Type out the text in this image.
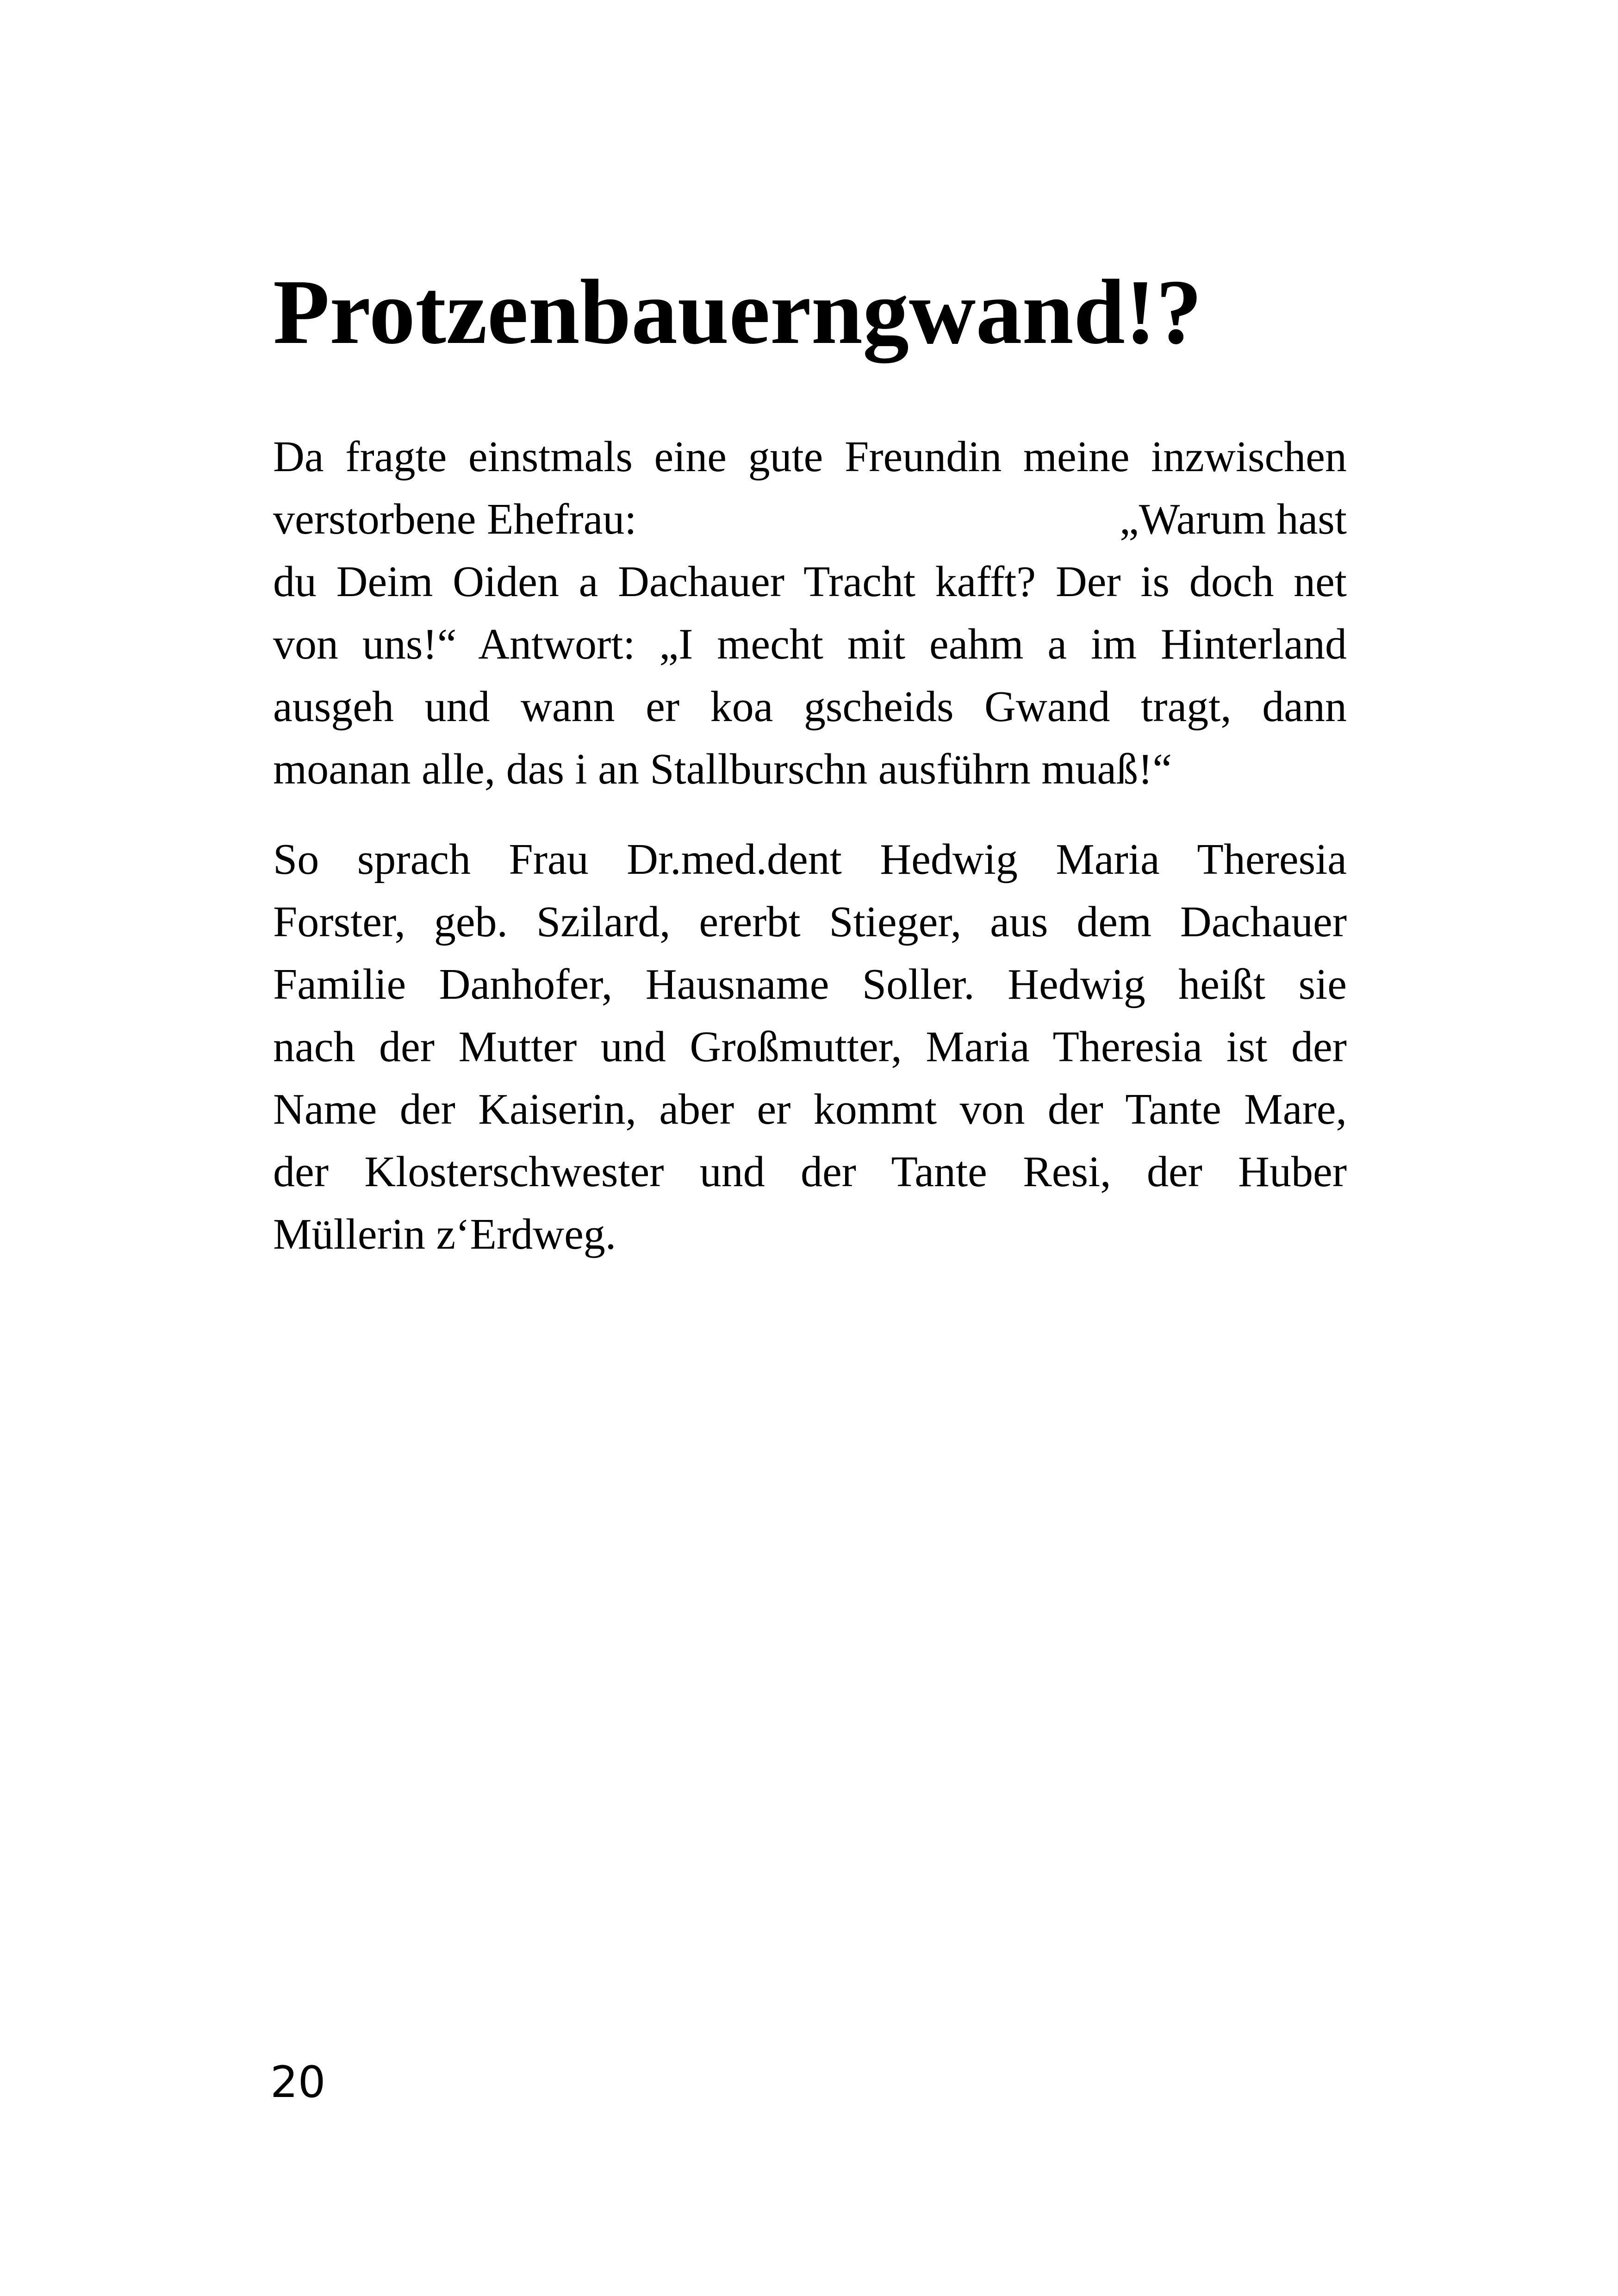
Protzenbauerngwand!?

Da fragte einstmals eine gute Freundin meine inzwischen

verstorbene Ehefrau:	„Warum hast

du Deim Oiden a Dachauer Tracht kafft? Der is doch net

von uns!“ Antwort: „I mecht mit eahm a im Hinterland

ausgeh und wann er koa gscheids Gwand tragt, dann

moanan alle, das i an Stallburschn ausführn muaß!“

So sprach Frau Dr.med.dent Hedwig Maria Theresia

Forster, geb. Szilard, ererbt Stieger, aus dem Dachauer

Familie Danhofer, Hausname Soller. Hedwig heißt sie

nach der Mutter und Großmutter, Maria Theresia ist der

Name der Kaiserin, aber er kommt von der Tante Mare,

der Klosterschwester und der Tante Resi, der Huber

Müllerin z‘Erdweg.

20
